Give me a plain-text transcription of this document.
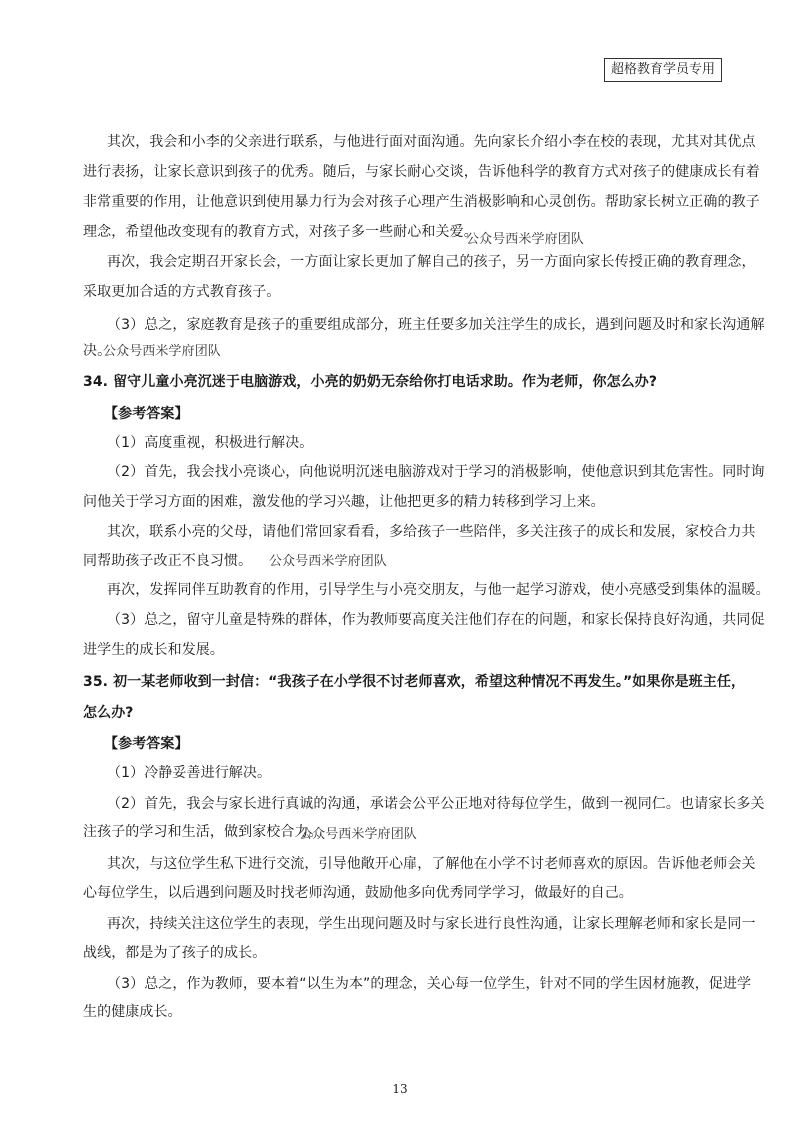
超格教育学员专用
其次，我会和小李的父亲进行联系，与他进行面对面沟通。先向家长介绍小李在校的表现，尤其对其优点
进行表扬，让家长意识到孩子的优秀。随后，与家长耐心交谈，告诉他科学的教育方式对孩子的健康成长有着
非常重要的作用，让他意识到使用暴力行为会对孩子心理产生消极影响和心灵创伤。帮助家长树立正确的教子
理念，希望他改变现有的教育方式，对孩子多一些耐心和关爱。
公众号西米学府团队
再次，我会定期召开家长会，一方面让家长更加了解自己的孩子，另一方面向家长传授正确的教育理念，
采取更加合适的方式教育孩子。
（3）总之，家庭教育是孩子的重要组成部分，班主任要多加关注学生的成长，遇到问题及时和家长沟通解
决。
公众号西米学府团队
34. 留守儿童小亮沉迷于电脑游戏，小亮的奶奶无奈给你打电话求助。作为老师，你怎么办?
【参考答案】
（1）高度重视，积极进行解决。
（2）首先，我会找小亮谈心，向他说明沉迷电脑游戏对于学习的消极影响，使他意识到其危害性。同时询
问他关于学习方面的困难，激发他的学习兴趣，让他把更多的精力转移到学习上来。
其次，联系小亮的父母，请他们常回家看看，多给孩子一些陪伴，多关注孩子的成长和发展，家校合力共
同帮助孩子改正不良习惯。 公众号西米学府团队
再次，发挥同伴互助教育的作用，引导学生与小亮交朋友，与他一起学习游戏，使小亮感受到集体的温暖。
（3）总之，留守儿童是特殊的群体，作为教师要高度关注他们存在的问题，和家长保持良好沟通，共同促
进学生的成长和发展。
35. 初一某老师收到一封信：“我孩子在小学很不讨老师喜欢，希望这种情况不再发生。”如果你是班主任，
怎么办?
【参考答案】
（1）冷静妥善进行解决。
（2）首先，我会与家长进行真诚的沟通，承诺会公平公正地对待每位学生，做到一视同仁。也请家长多关
注孩子的学习和生活，做到家校合力。
公众号西米学府团队
其次，与这位学生私下进行交流，引导他敞开心扉，了解他在小学不讨老师喜欢的原因。告诉他老师会关
心每位学生，以后遇到问题及时找老师沟通，鼓励他多向优秀同学学习，做最好的自己。
再次，持续关注这位学生的表现，学生出现问题及时与家长进行良性沟通，让家长理解老师和家长是同一
战线，都是为了孩子的成长。
（3）总之，作为教师，要本着“以生为本”的理念，关心每一位学生，针对不同的学生因材施教，促进学
生的健康成长。
13
